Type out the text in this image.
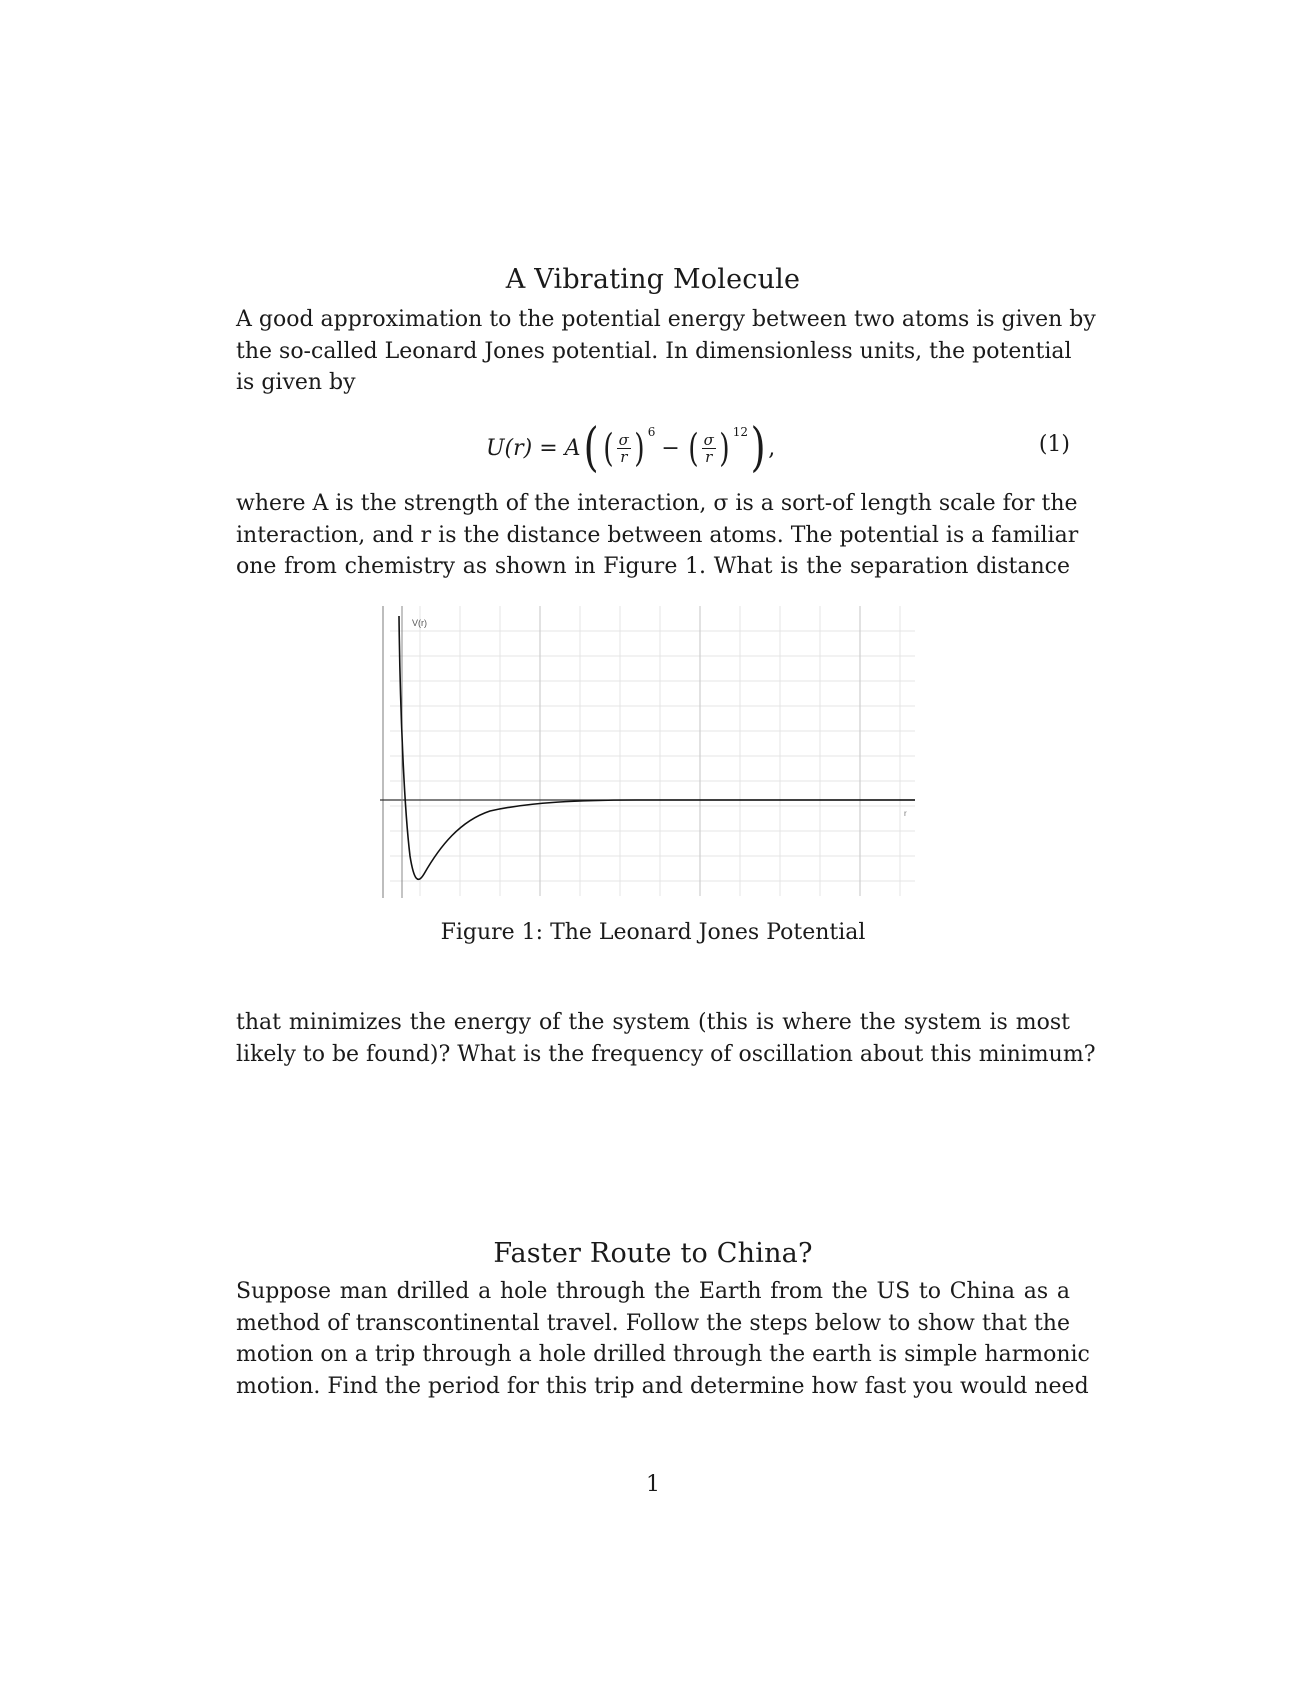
A Vibrating Molecule
A good approximation to the potential energy between two atoms is given by
the so-called Leonard Jones potential. In dimensionless units, the potential
is given by
U(r) = A ( ( $\frac{\sigma}{r}$ ) 6
− ( $\frac{\sigma}{r}$ ) 12 ) ,	(1)
where A is the strength of the interaction, σ is a sort-of length scale for the
interaction, and r is the distance between atoms. The potential is a familiar
one from chemistry as shown in Figure 1. What is the separation distance
V(r)
r
Figure 1: The Leonard Jones Potential
that minimizes the energy of the system (this is where the system is most
likely to be found)? What is the frequency of oscillation about this minimum?
Faster Route to China?
Suppose man drilled a hole through the Earth from the US to China as a
method of transcontinental travel. Follow the steps below to show that the
motion on a trip through a hole drilled through the earth is simple harmonic
motion. Find the period for this trip and determine how fast you would need
1
